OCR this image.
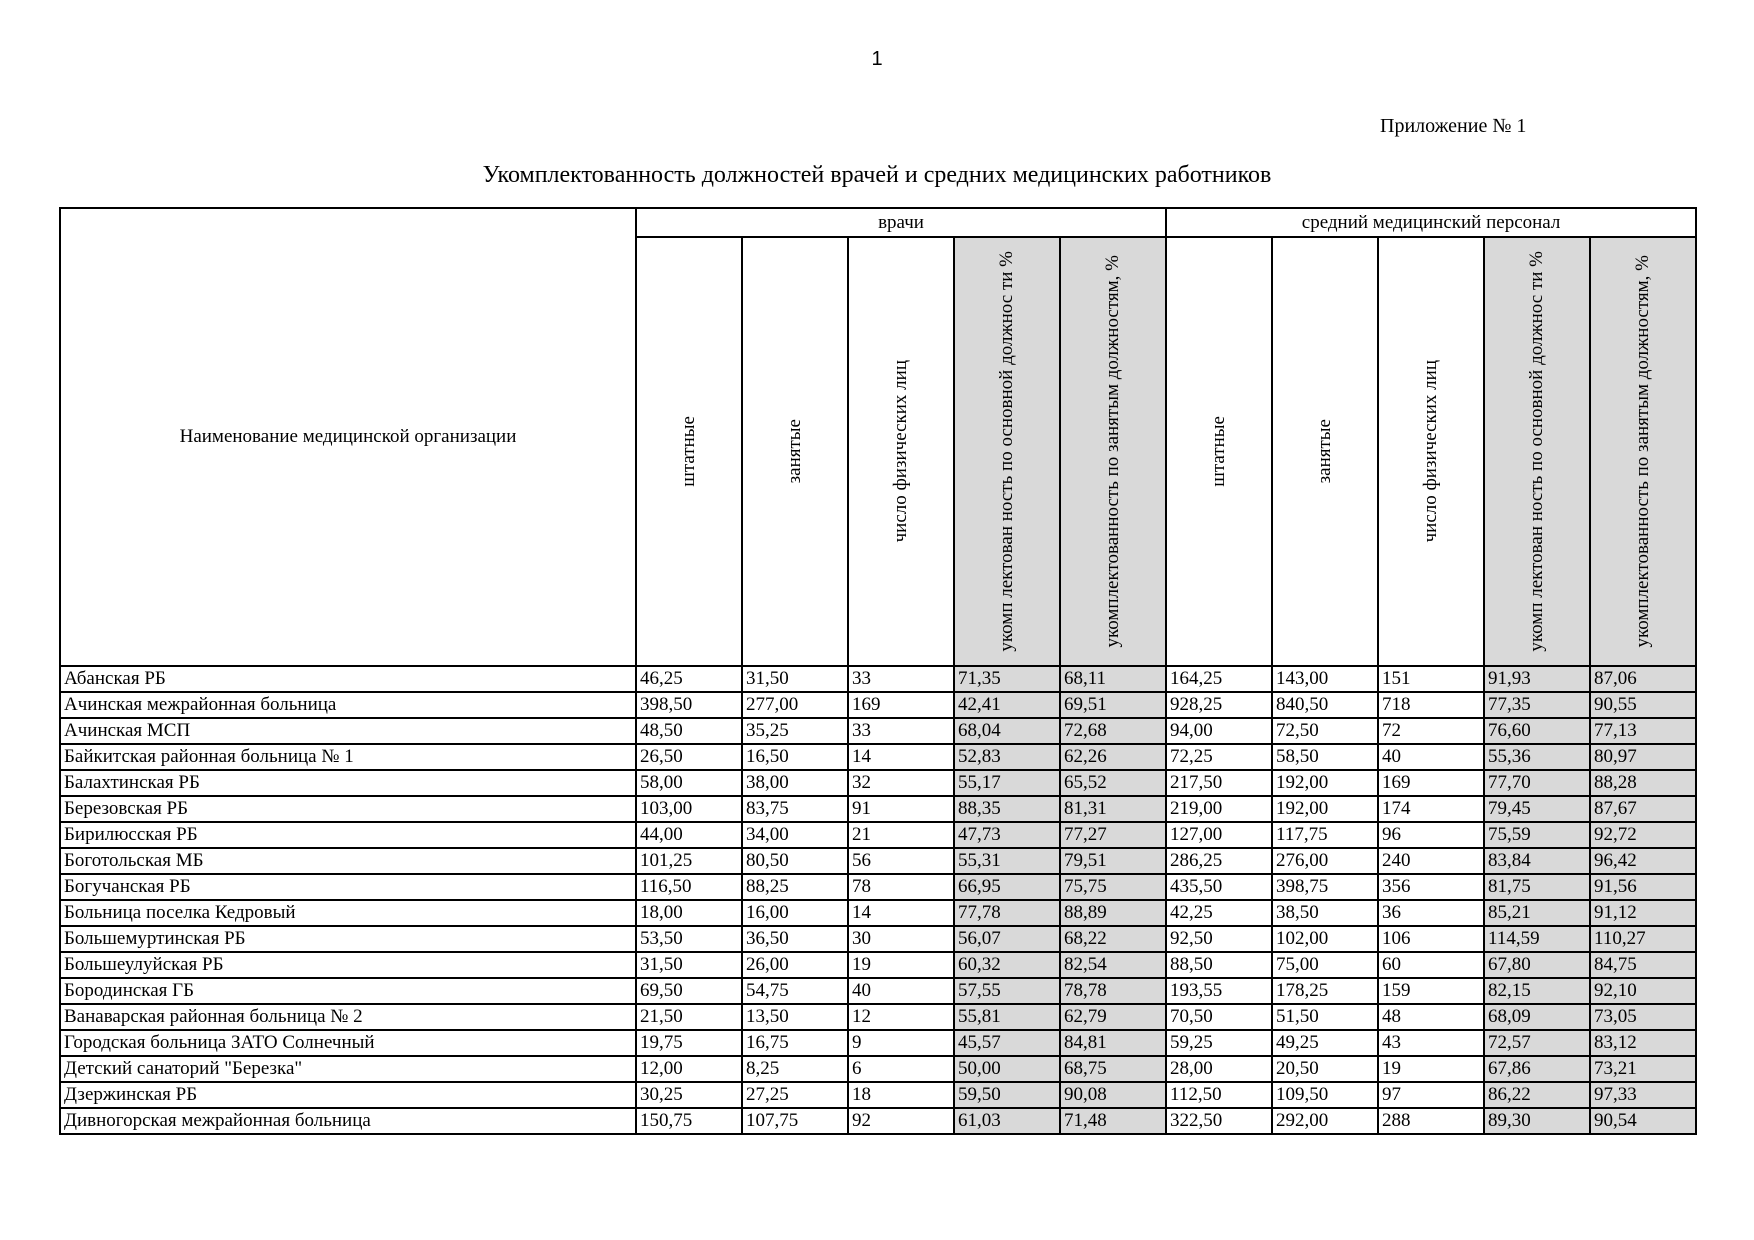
1
Приложение № 1
Укомплектованность должностей врачей и средних медицинских работников
Наименование медицинской организации	врачи					средний медицинский персонал				

	штатные	занятые	число физических лиц	укомп лектован ность по основной должнос ти %	укомплектованность по занятым должностям, %	штатные	занятые	число физических лиц	укомп лектован ность по основной должнос ти %	укомплектованность по занятым должностям, %

Абанская РБ	46,25	31,50	33	71,35	68,11	164,25	143,00	151	91,93	87,06
Ачинская межрайонная больница	398,50	277,00	169	42,41	69,51	928,25	840,50	718	77,35	90,55
Ачинская МСП	48,50	35,25	33	68,04	72,68	94,00	72,50	72	76,60	77,13
Байкитская районная больница № 1	26,50	16,50	14	52,83	62,26	72,25	58,50	40	55,36	80,97
Балахтинская РБ	58,00	38,00	32	55,17	65,52	217,50	192,00	169	77,70	88,28
Березовская РБ	103,00	83,75	91	88,35	81,31	219,00	192,00	174	79,45	87,67
Бирилюсская РБ	44,00	34,00	21	47,73	77,27	127,00	117,75	96	75,59	92,72
Боготольская МБ	101,25	80,50	56	55,31	79,51	286,25	276,00	240	83,84	96,42
Богучанская РБ	116,50	88,25	78	66,95	75,75	435,50	398,75	356	81,75	91,56
Больница поселка Кедровый	18,00	16,00	14	77,78	88,89	42,25	38,50	36	85,21	91,12
Большемуртинская РБ	53,50	36,50	30	56,07	68,22	92,50	102,00	106	114,59	110,27
Большеулуйская РБ	31,50	26,00	19	60,32	82,54	88,50	75,00	60	67,80	84,75
Бородинская ГБ	69,50	54,75	40	57,55	78,78	193,55	178,25	159	82,15	92,10
Ванаварская районная больница № 2	21,50	13,50	12	55,81	62,79	70,50	51,50	48	68,09	73,05
Городская больница ЗАТО Солнечный	19,75	16,75	9	45,57	84,81	59,25	49,25	43	72,57	83,12
Детский санаторий "Березка"	12,00	8,25	6	50,00	68,75	28,00	20,50	19	67,86	73,21
Дзержинская РБ	30,25	27,25	18	59,50	90,08	112,50	109,50	97	86,22	97,33
Дивногорская межрайонная больница	150,75	107,75	92	61,03	71,48	322,50	292,00	288	89,30	90,54
